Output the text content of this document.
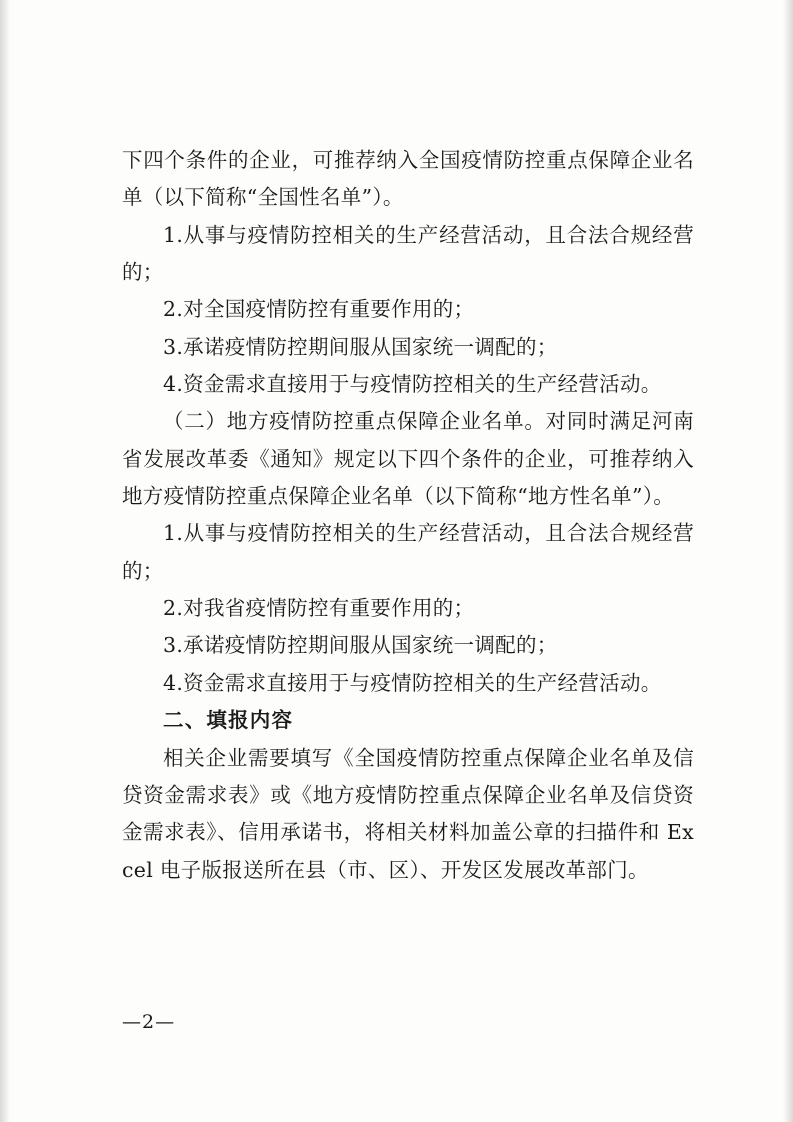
下四个条件的企业，可推荐纳入全国疫情防控重点保障企业名单（以下简称“全国性名单”）。

1.从事与疫情防控相关的生产经营活动，且合法合规经营的；

2.对全国疫情防控有重要作用的；

3.承诺疫情防控期间服从国家统一调配的；

4.资金需求直接用于与疫情防控相关的生产经营活动。

（二）地方疫情防控重点保障企业名单。对同时满足河南省发展改革委《通知》规定以下四个条件的企业，可推荐纳入地方疫情防控重点保障企业名单（以下简称“地方性名单”）。

1.从事与疫情防控相关的生产经营活动，且合法合规经营的；

2.对我省疫情防控有重要作用的；

3.承诺疫情防控期间服从国家统一调配的；

4.资金需求直接用于与疫情防控相关的生产经营活动。

二、填报内容

相关企业需要填写《全国疫情防控重点保障企业名单及信贷资金需求表》或《地方疫情防控重点保障企业名单及信贷资金需求表》、信用承诺书，将相关材料加盖公章的扫描件和 Excel 电子版报送所在县（市、区）、开发区发展改革部门。

—2—
